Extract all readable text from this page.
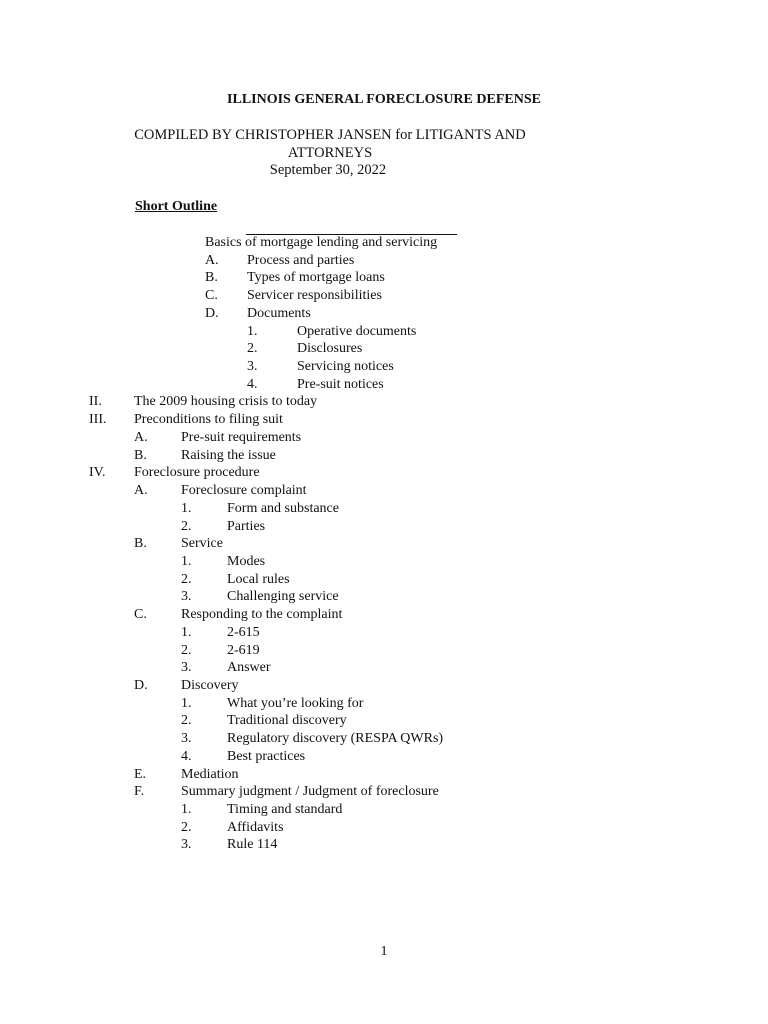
ILLINOIS GENERAL FORECLOSURE DEFENSE
COMPILED BY CHRISTOPHER JANSEN for LITIGANTS AND ATTORNEYS
September 30, 2022
Short Outline
Basics of mortgage lending and servicing
A. Process and parties
B. Types of mortgage loans
C. Servicer responsibilities
D. Documents
1.	Operative documents
2.	Disclosures
3.	Servicing notices
4.	Pre-suit notices
II. The 2009 housing crisis to today
III. Preconditions to filing suit
A. Pre-suit requirements
B. Raising the issue
IV. Foreclosure procedure
A. Foreclosure complaint
1.	Form and substance
2.	Parties
B. Service
1.	Modes
2.	Local rules
3.	Challenging service
C. Responding to the complaint
1.	2-615
2.	2-619
3.	Answer
D. Discovery
1.	What you’re looking for
2.	Traditional discovery
3.	Regulatory discovery (RESPA QWRs)
4.	Best practices
E. Mediation
F.	Summary judgment / Judgment of foreclosure
1.	Timing and standard
2.	Affidavits
3.	Rule 114
1
